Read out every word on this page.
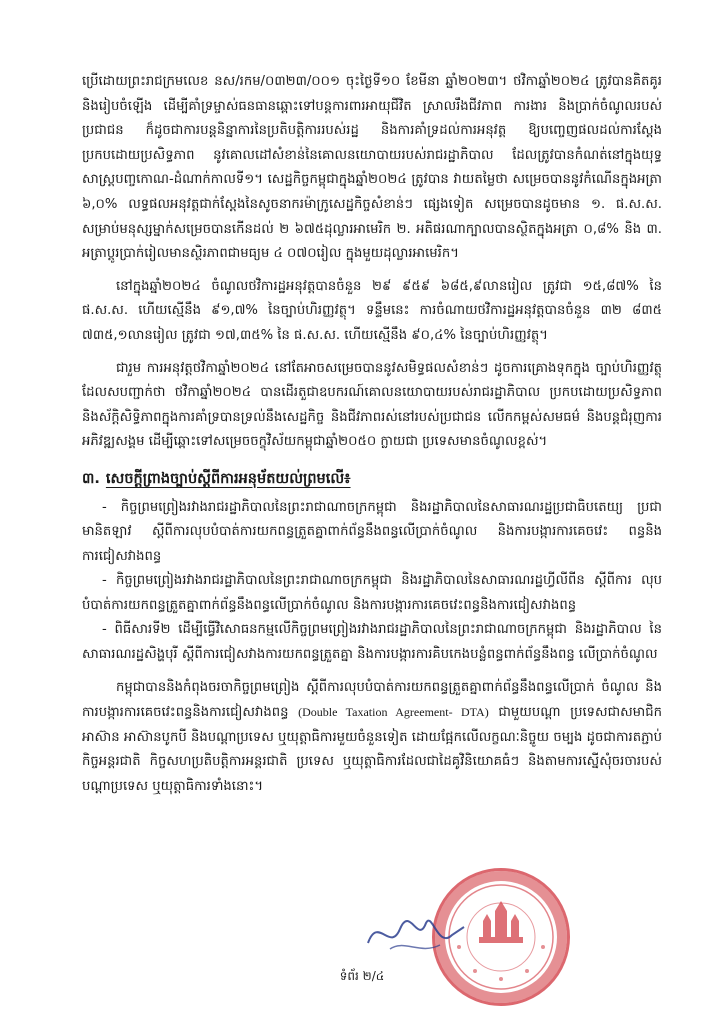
ប្រើដោយព្រះរាជក្រមលេខ នស/រកម/០៣២៣/០០១ ចុះថ្ងៃទី១០ ខែមីនា ឆ្នាំ២០២៣។ ថវិកាឆ្នាំ២០២៤ ត្រូវបានគិតគូរនិងរៀបចំឡើង ដើម្បីគាំទ្រម្ចាស់ធនធានឆ្ពោះទៅបន្តការពារអាយុជីវិត ស្រាលរឹងជីវភាព ការងារ និងប្រាក់ចំណូលរបស់ប្រជាជន ក៏ដូចជាការបន្តនិន្នាការនៃប្រតិបត្តិការរបស់រដ្ឋ និងការគាំទ្រដល់ការអនុវត្ត ឱ្យបញ្ចេញផលដល់ការស្តែងប្រកបដោយប្រសិទ្ធភាព នូវគោលដៅសំខាន់នៃគោលនយោបាយរបស់រាជរដ្ឋាភិបាល ដែលត្រូវបានកំណត់នៅក្នុងយុទ្ធសាស្ត្របញ្ចកោណ-ដំណាក់កាលទី១។ សេដ្ឋកិច្ចកម្ពុជាក្នុងឆ្នាំ២០២៤ ត្រូវបាន វាយតម្លៃថា សម្រេចបាននូវកំណើនក្នុងអត្រា ៦,០% លទ្ធផលអនុវត្តជាក់ស្តែងនៃសូចនាករម៉ាក្រូសេដ្ឋកិច្ចសំខាន់ៗ ផ្សេងទៀត សម្រេចបានដូចមាន ១. ផ.ស.ស. សម្រាប់មនុស្សម្នាក់សម្រេចបានកើនដល់ ២ ៦៧៥ដុល្លារអាមេរិក ២. អតិផរណាក្បាលបានស្ថិតក្នុងអត្រា ០,៨% និង ៣. អត្រាប្តូរប្រាក់រៀលមានស្ថិរភាពជាមធ្យម ៤ ០៧០រៀល ក្នុងមួយដុល្លារអាមេរិក។

នៅក្នុងឆ្នាំ២០២៤ ចំណូលថវិការដ្ឋអនុវត្តបានចំនួន ២៩ ៩៥៩ ៦៨៥,៩លានរៀល ត្រូវជា ១៥,៨៧% នៃ ផ.ស.ស. ហើយស្មើនឹង ៩១,៧% នៃច្បាប់ហិរញ្ញវត្ថុ។ ទន្ទឹមនេះ ការចំណាយថវិការដ្ឋអនុវត្តបានចំនួន ៣២ ៨៣៥ ៧៣៥,១លានរៀល ត្រូវជា ១៧,៣៥% នៃ ផ.ស.ស. ហើយស្មើនឹង ៩០,៤% នៃច្បាប់ហិរញ្ញវត្ថុ។

ជារួម ការអនុវត្តថវិកាឆ្នាំ២០២៤ នៅតែអាចសម្រេចបាននូវសមិទ្ធផលសំខាន់ៗ ដូចការគ្រោងទុកក្នុង ច្បាប់ហិរញ្ញវត្ថុ ដែលសបញ្ជាក់ថា ថវិកាឆ្នាំ២០២៤ បានដើរតួជាឧបករណ៍គោលនយោបាយរបស់រាជរដ្ឋាភិបាល ប្រកបដោយប្រសិទ្ធភាព និងស័ក្តិសិទ្ធិភាពក្នុងការគាំទ្របានទ្រល់នឹងសេដ្ឋកិច្ច និងជីវភាពរស់នៅរបស់ប្រជាជន លើកកម្ពស់សមធម៌ និងបន្តជំរុញការអភិវឌ្ឍសង្គម ដើម្បីឆ្ពោះទៅសម្រេចចក្ខុវិស័យកម្ពុជាឆ្នាំ២០៥០ ក្លាយជា ប្រទេសមានចំណូលខ្ពស់។

៣. សេចក្តីព្រាងច្បាប់ស្តីពីការអនុម័តយល់ព្រមលើ៖
- កិច្ចព្រមព្រៀងរវាងរាជរដ្ឋាភិបាលនៃព្រះរាជាណាចក្រកម្ពុជា និងរដ្ឋាភិបាលនៃសាធារណរដ្ឋប្រជាធិបតេយ្យ ប្រជាមានិតឡាវ ស្តីពីការលុបបំបាត់ការយកពន្ធត្រួតគ្នាពាក់ព័ន្ធនឹងពន្ធលើប្រាក់ចំណូល និងការបង្ការការគេចវេះ ពន្ធនិងការជៀសវាងពន្ធ
- កិច្ចព្រមព្រៀងរវាងរាជរដ្ឋាភិបាលនៃព្រះរាជាណាចក្រកម្ពុជា និងរដ្ឋាភិបាលនៃសាធារណរដ្ឋហ្វីលីពីន ស្តីពីការ លុបបំបាត់ការយកពន្ធត្រួតគ្នាពាក់ព័ន្ធនឹងពន្ធលើប្រាក់ចំណូល និងការបង្ការការគេចវេះពន្ធនិងការជៀសវាងពន្ធ
- ពិធីសារទី២ ដើម្បីធ្វើវិសោធនកម្មលើកិច្ចព្រមព្រៀងរវាងរាជរដ្ឋាភិបាលនៃព្រះរាជាណាចក្រកម្ពុជា និងរដ្ឋាភិបាល នៃសាធារណរដ្ឋសិង្ហបុរី ស្តីពីការជៀសវាងការយកពន្ធត្រួតគ្នា និងការបង្ការការគិបកេងបន្លំពន្ធពាក់ព័ន្ធនឹងពន្ធ លើប្រាក់ចំណូល

កម្ពុជាបាននិងកំពុងចរចាកិច្ចព្រមព្រៀង ស្តីពីការលុបបំបាត់ការយកពន្ធត្រួតគ្នាពាក់ព័ន្ធនឹងពន្ធលើប្រាក់ ចំណូល និងការបង្ការការគេចវេះពន្ធនិងការជៀសវាងពន្ធ (Double Taxation Agreement- DTA) ជាមួយបណ្តា ប្រទេសជាសមាជិកអាស៊ាន អាស៊ានបូកបី និងបណ្តាប្រទេស ឬយុត្តាធិការមួយចំនួនទៀត ដោយផ្អែកលើលក្ខណៈនិច្ចូយ ចម្បង ដូចជាការតភ្ជាប់កិច្ចអន្តរជាតិ កិច្ចសហប្រតិបត្តិការអន្តរជាតិ ប្រទេស ឬយុត្តាធិការដែលជាដៃគូវិនិយោគធំៗ និងតាមការស្នើសុំចរចារបស់បណ្តាប្រទេស ឬយុត្តាធិការទាំងនោះ។

ទំព័រ ២/៤
